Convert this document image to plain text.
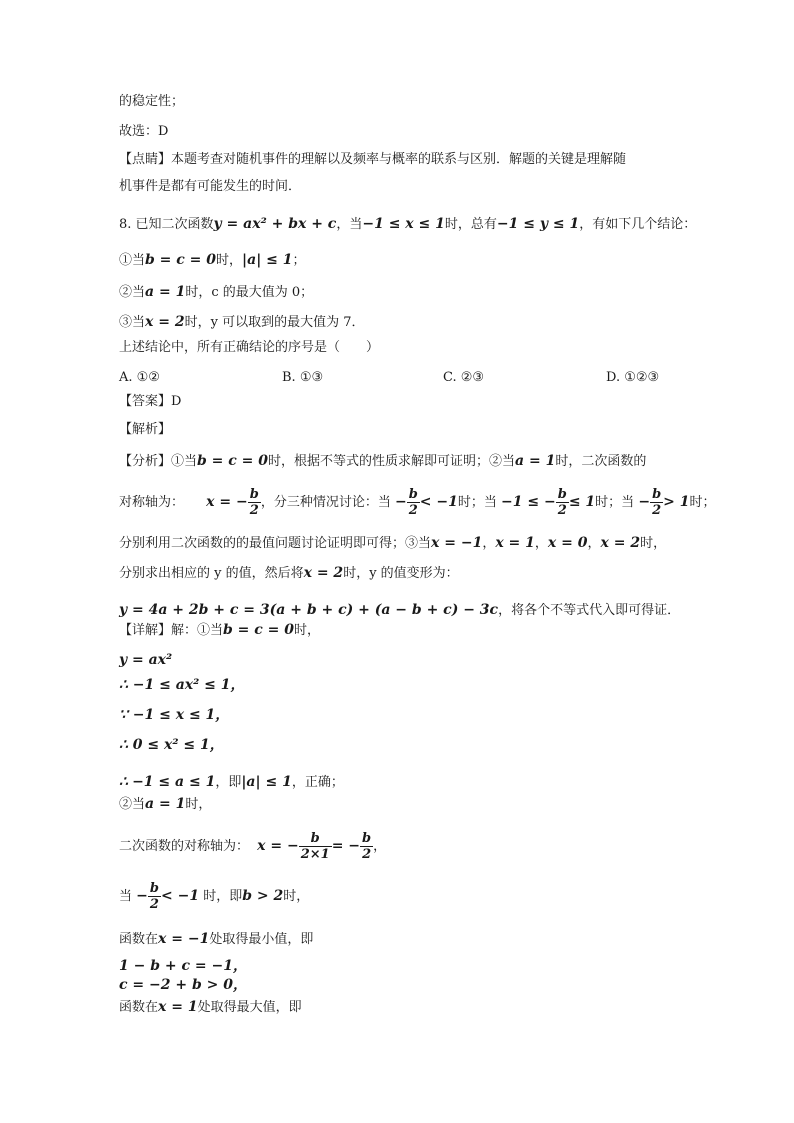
的稳定性；
故选：D
【点睛】本题考查对随机事件的理解以及频率与概率的联系与区别．解题的关键是理解随
机事件是都有可能发生的时间．
8. 已知二次函数y = ax² + bx + c，当−1 ≤ x ≤ 1时，总有−1 ≤ y ≤ 1，有如下几个结论：
①当b = c = 0时，|a| ≤ 1；
②当a = 1时，c 的最大值为 0；
③当x = 2时，y 可以取到的最大值为 7．
上述结论中，所有正确结论的序号是（　　）
A. ①②	B. ①③	C. ②③	D. ①②③
【答案】D
【解析】
【分析】①当b = c = 0时，根据不等式的性质求解即可证明；②当a = 1时，二次函数的
对称轴为： x = − $\frac{b}{2}$ ，分三种情况讨论：当 − $\frac{b}{2} < -1$时；当 −1 ≤ − $\frac{b}{2} \le 1$时；当 − $\frac{b}{2} > 1$时；
分别利用二次函数的的最值问题讨论证明即可得；③当x = −1，x = 1，x = 0，x = 2时，
分别求出相应的 y 的值，然后将x = 2时，y 的值变形为：
y = 4a + 2b + c = 3(a + b + c) + (a − b + c) − 3c，将各个不等式代入即可得证．
【详解】解：①当b = c = 0时，
y = ax²
∴ −1 ≤ ax² ≤ 1，
∵ −1 ≤ x ≤ 1，
∴ 0 ≤ x² ≤ 1，
∴ −1 ≤ a ≤ 1，即|a| ≤ 1，正确；
②当a = 1时，
二次函数的对称轴为： x = − $\frac{b}{2\times 1}$ = − $\frac{b}{2}$ ，
当 − $\frac{b}{2} < -1$ 时，即b > 2时，
函数在x = −1处取得最小值，即
1 − b + c = −1，
c = −2 + b > 0，
函数在x = 1处取得最大值，即
